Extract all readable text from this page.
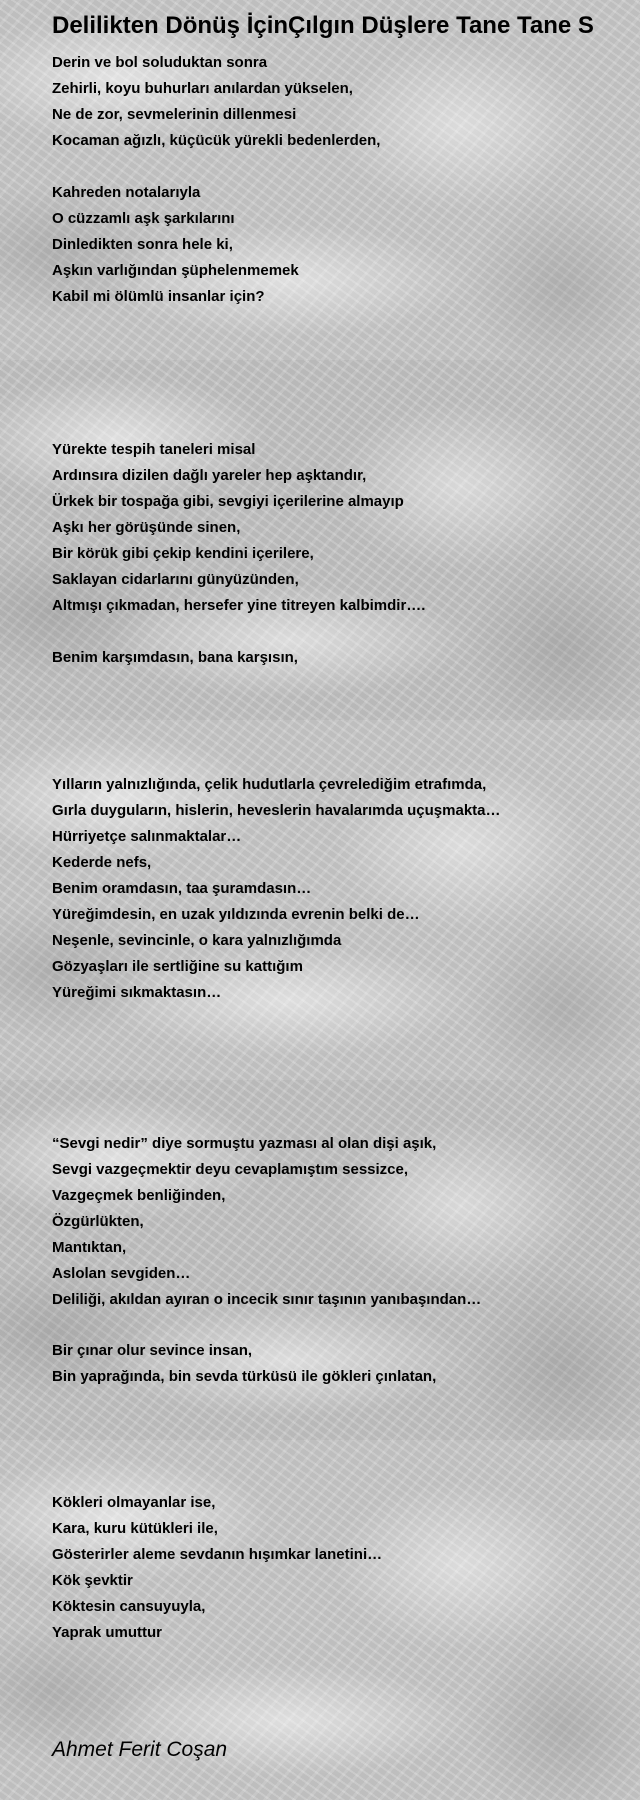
Delilikten Dönüş İçinÇılgın Düşlere Tane Tane S
Derin ve bol soluduktan sonra
Zehirli, koyu buhurları anılardan yükselen,
Ne de zor, sevmelerinin dillenmesi
Kocaman ağızlı, küçücük yürekli bedenlerden,
Kahreden notalarıyla
O cüzzamlı aşk şarkılarını
Dinledikten sonra hele ki,
Aşkın varlığından şüphelenmemek
Kabil mi ölümlü insanlar için?
Yürekte tespih taneleri misal
Ardınsıra dizilen dağlı yareler hep aşktandır,
Ürkek bir tospağa gibi, sevgiyi içerilerine almayıp
Aşkı her görüşünde sinen,
Bir körük gibi çekip kendini içerilere,
Saklayan cidarlarını günyüzünden,
Altmışı çıkmadan, hersefer yine titreyen kalbimdir….
Benim karşımdasın, bana karşısın,
Yılların yalnızlığında, çelik hudutlarla çevrelediğim etrafımda,
Gırla duyguların, hislerin, heveslerin havalarımda uçuşmakta…
Hürriyetçe salınmaktalar…
Kederde nefs,
Benim oramdasın, taa şuramdasın…
Yüreğimdesin, en uzak yıldızında evrenin belki de…
Neşenle, sevincinle, o kara yalnızlığımda
Gözyaşları ile sertliğine su kattığım
Yüreğimi sıkmaktasın…
“Sevgi nedir” diye sormuştu yazması al olan dişi aşık,
Sevgi vazgeçmektir deyu cevaplamıştım sessizce,
Vazgeçmek benliğinden,
Özgürlükten,
Mantıktan,
Aslolan sevgiden…
Deliliği, akıldan ayıran o incecik sınır taşının yanıbaşından…
Bir çınar olur sevince insan,
Bin yaprağında, bin sevda türküsü ile gökleri çınlatan,
Kökleri olmayanlar ise,
Kara, kuru kütükleri ile,
Gösterirler aleme sevdanın hışımkar lanetini…
Kök şevktir
Köktesin cansuyuyla,
Yaprak umuttur
Ahmet Ferit Coşan
